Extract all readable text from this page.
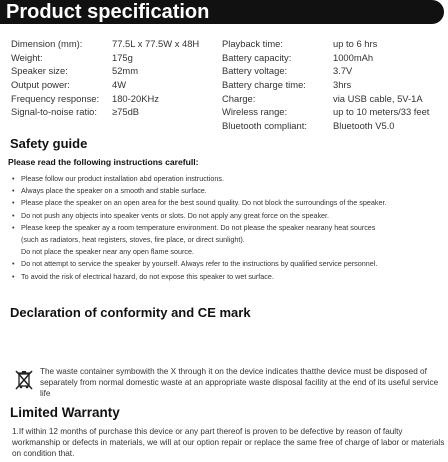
Product specification
Dimension (mm):
Weight:
Speaker size:
Output power:
Frequency response:
Signal-to-noise ratio:
77.5L x 77.5W x 48H
175g
52mm
4W
180-20KHz
≥75dB
Playback time:
Battery capacity:
Battery voltage:
Battery charge time:
Charge:
Wireless range:
Bluetooth compliant:
up to 6 hrs
1000mAh
3.7V
3hrs
via USB cable, 5V-1A
up to 10 meters/33 feet
Bluetooth V5.0
Safety guide
Please read the following instructions carefull:
• Please follow our product installation abd operation instructions.
• Always place the speaker on a smooth and stable surface.
• Please place the speaker on an open area for the best sound quality. Do not block the surroundings of the speaker.
• Do not push any objects into speaker vents or slots. Do not apply any great force on the speaker.
• Please keep the speaker ay a room temperature environment. Do not please the speaker nearany heat sources
(such as radiators, heat registers, stoves, fire place, or direct sunlight).
Do not place the speaker near any open flame source.
• Do not attempt to service the speaker by yourself. Always refer to the instructions by qualified service personnel.
• To avoid the risk of electrical hazard, do not expose this speaker to wet surface.
Declaration of conformity and CE mark
The waste container symbowith the X through it on the device indicates thatthe device must be disposed of separately from normal domestic waste at an appropriate waste disposal facility at the end of its useful service life
Limited Warranty
1.If within 12 months of purchase this device or any part thereof is proven to be defective by reason of faulty workmanship or defects in materials, we will at our option repair or replace the same free of charge of labor or materials on condition that.
